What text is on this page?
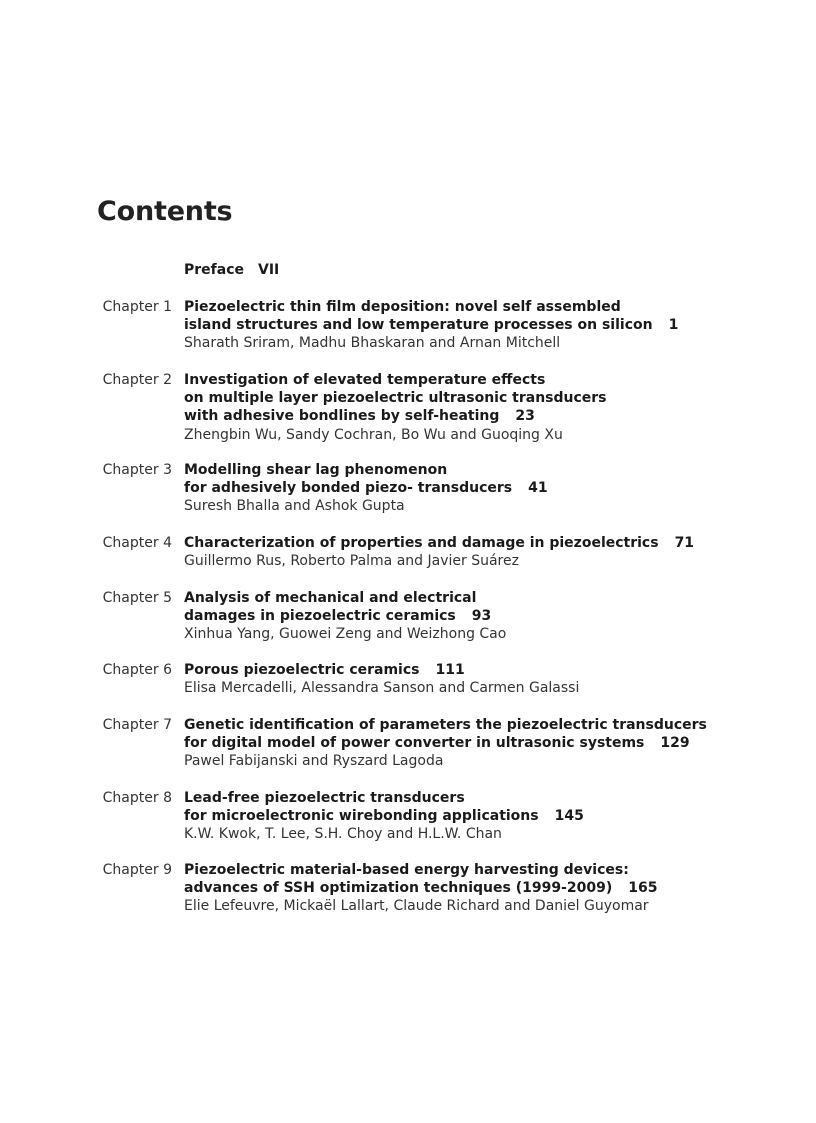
Contents
Preface VII
Chapter 1 Piezoelectric thin film deposition: novel self assembled
island structures and low temperature processes on silicon 1
Sharath Sriram, Madhu Bhaskaran and Arnan Mitchell
Chapter 2 Investigation of elevated temperature effects
on multiple layer piezoelectric ultrasonic transducers
with adhesive bondlines by self-heating 23
Zhengbin Wu, Sandy Cochran, Bo Wu and Guoqing Xu
Chapter 3 Modelling shear lag phenomenon
for adhesively bonded piezo- transducers 41
Suresh Bhalla and Ashok Gupta
Chapter 4 Characterization of properties and damage in piezoelectrics 71
Guillermo Rus, Roberto Palma and Javier Suárez
Chapter 5 Analysis of mechanical and electrical
damages in piezoelectric ceramics 93
Xinhua Yang, Guowei Zeng and Weizhong Cao
Chapter 6 Porous piezoelectric ceramics 111
Elisa Mercadelli, Alessandra Sanson and Carmen Galassi
Chapter 7 Genetic identification of parameters the piezoelectric transducers
for digital model of power converter in ultrasonic systems 129
Pawel Fabijanski and Ryszard Lagoda
Chapter 8 Lead-free piezoelectric transducers
for microelectronic wirebonding applications 145
K.W. Kwok, T. Lee, S.H. Choy and H.L.W. Chan
Chapter 9 Piezoelectric material-based energy harvesting devices:
advances of SSH optimization techniques (1999-2009) 165
Elie Lefeuvre, Mickaël Lallart, Claude Richard and Daniel Guyomar
